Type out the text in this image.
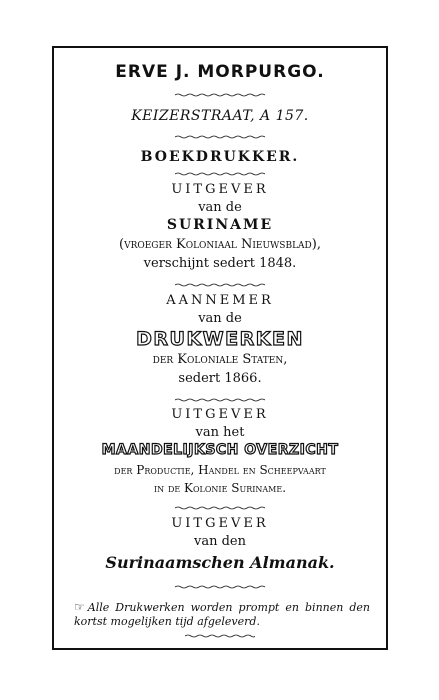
ERVE J. MORPURGO.
KEIZERSTRAAT, A 157.
BOEKDRUKKER.
UITGEVER
van de
SURINAME
(vroeger Koloniaal Nieuwsblad),
verschijnt sedert 1848.
AANNEMER
van de
DRUKWERKEN
der Koloniale Staten,
sedert 1866.
UITGEVER
van het
MAANDELIJKSCH OVERZICHT
der Productie, Handel en Scheepvaart
in de Kolonie Suriname.
UITGEVER
van den
Surinaamschen Almanak.
☞ Alle Drukwerken worden prompt en binnen den kortst mogelijken tijd afgeleverd.
